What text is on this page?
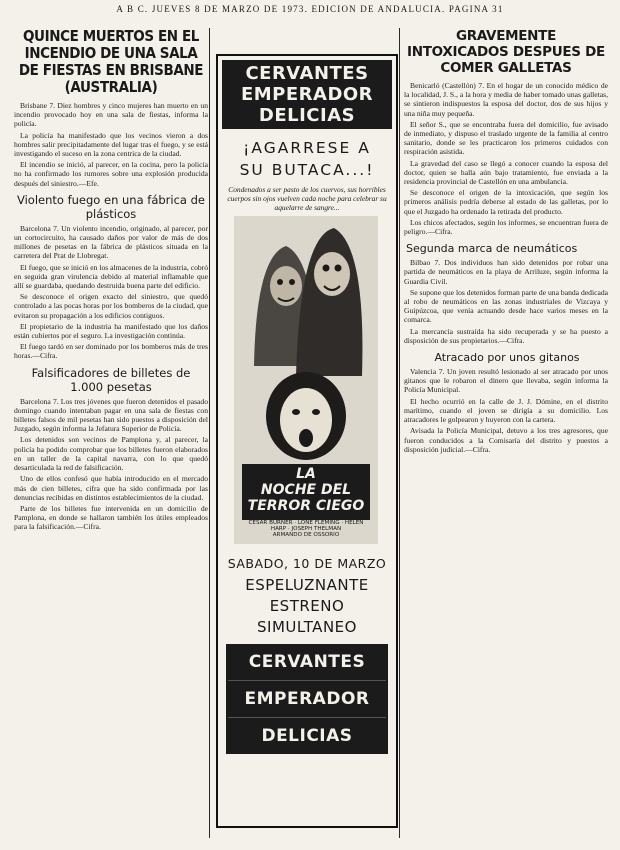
A B C. JUEVES 8 DE MARZO DE 1973. EDICION DE ANDALUCIA. PAGINA 31
QUINCE MUERTOS EN EL INCENDIO DE UNA SALA DE FIESTAS EN BRISBANE (AUSTRALIA)

Brisbane 7. Diez hombres y cinco mujeres han muerto en un incendio provocado hoy en una sala de fiestas, informa la policía.

La policía ha manifestado que los vecinos vieron a dos hombres salir precipitadamente del lugar tras el fuego, y se está investigando el suceso en la zona centrica de la ciudad.

El incendio se inició, al parecer, en la cocina, pero la policía no ha confirmado los rumores sobre una explosión producida después del siniestro.—Efe.

Violento fuego en una fábrica de plásticos

Barcelona 7. Un violento incendio, originado, al parecer, por un cortocircuito, ha causado daños por valor de más de dos millones de pesetas en la fábrica de plásticos situada en la carretera del Prat de Llobregat.

El fuego, que se inició en los almacenes de la industria, cobró en seguida gran virulencia debido al material inflamable que allí se guardaba, quedando destruida buena parte del edificio.

Se desconoce el origen exacto del siniestro, que quedó controlado a las pocas horas por los bomberos de la ciudad, que evitaron su propagación a los edificios contiguos.

El propietario de la industria ha manifestado que los daños están cubiertos por el seguro. La investigación continúa.

El fuego tardó en ser dominado por los bomberos más de tres horas.—Cifra.

Falsificadores de billetes de 1.000 pesetas

Barcelona 7. Los tres jóvenes que fueron detenidos el pasado domingo cuando intentaban pagar en una sala de fiestas con billetes falsos de mil pesetas han sido puestos a disposición del Juzgado, según informa la Jefatura Superior de Policía.

Los detenidos son vecinos de Pamplona y, al parecer, la policía ha podido comprobar que los billetes fueron elaborados en un taller de la capital navarra, con lo que quedó desarticulada la red de falsificación.

Uno de ellos confesó que había introducido en el mercado más de cien billetes, cifra que ha sido confirmada por las denuncias recibidas en distintos establecimientos de la ciudad.

Parte de los billetes fue intervenida en un domicilio de Pamplona, en donde se hallaron también los útiles empleados para la falsificación.—Cifra.

CERVANTES
EMPERADOR
DELICIAS
¡AGARRESE A
SU BUTACA...!
Condenados a ser pasto de los cuervos, sus horribles cuerpos sin ojos vuelven cada noche para celebrar su aquelarre de sangre...
LA
NOCHE DEL
TERROR CIEGO
CESAR BURNER · LONE FLEMING · HELEN HARP · JOSEPH THELMAN
ARMANDO DE OSSORIO
SABADO, 10 DE MARZO
ESPELUZNANTE
ESTRENO
SIMULTANEO
CERVANTES
EMPERADOR
DELICIAS
GRAVEMENTE INTOXICADOS DESPUES DE COMER GALLETAS

Benicarló (Castellón) 7. En el hogar de un conocido médico de la localidad, J. S., a la hora y media de haber tomado unas galletas, se sintieron indispuestos la esposa del doctor, dos de sus hijos y una niña muy pequeña.

El señor S., que se encontraba fuera del domicilio, fue avisado de inmediato, y dispuso el traslado urgente de la familia al centro sanitario, donde se les practicaron los primeros cuidados con respiración asistida.

La gravedad del caso se llegó a conocer cuando la esposa del doctor, quien se halla aún bajo tratamiento, fue enviada a la residencia provincial de Castellón en una ambulancia.

Se desconoce el origen de la intoxicación, que según los primeros análisis podría deberse al estado de las galletas, por lo que el Juzgado ha ordenado la retirada del producto.

Los chicos afectados, según los informes, se encuentran fuera de peligro.—Cifra.

Segunda marca de neumáticos

Bilbao 7. Dos individuos han sido detenidos por robar una partida de neumáticos en la playa de Arriluze, según informa la Guardia Civil.

Se supone que los detenidos forman parte de una banda dedicada al robo de neumáticos en las zonas industriales de Vizcaya y Guipúzcoa, que venía actuando desde hace varios meses en la comarca.

La mercancía sustraída ha sido recuperada y se ha puesto a disposición de sus propietarios.—Cifra.

Atracado por unos gitanos

Valencia 7. Un joven resultó lesionado al ser atracado por unos gitanos que le robaron el dinero que llevaba, según informa la Policía Municipal.

El hecho ocurrió en la calle de J. J. Dómine, en el distrito marítimo, cuando el joven se dirigía a su domicilio. Los atracadores le golpearon y huyeron con la cartera.

Avisada la Policía Municipal, detuvo a los tres agresores, que fueron conducidos a la Comisaría del distrito y puestos a disposición judicial.—Cifra.
